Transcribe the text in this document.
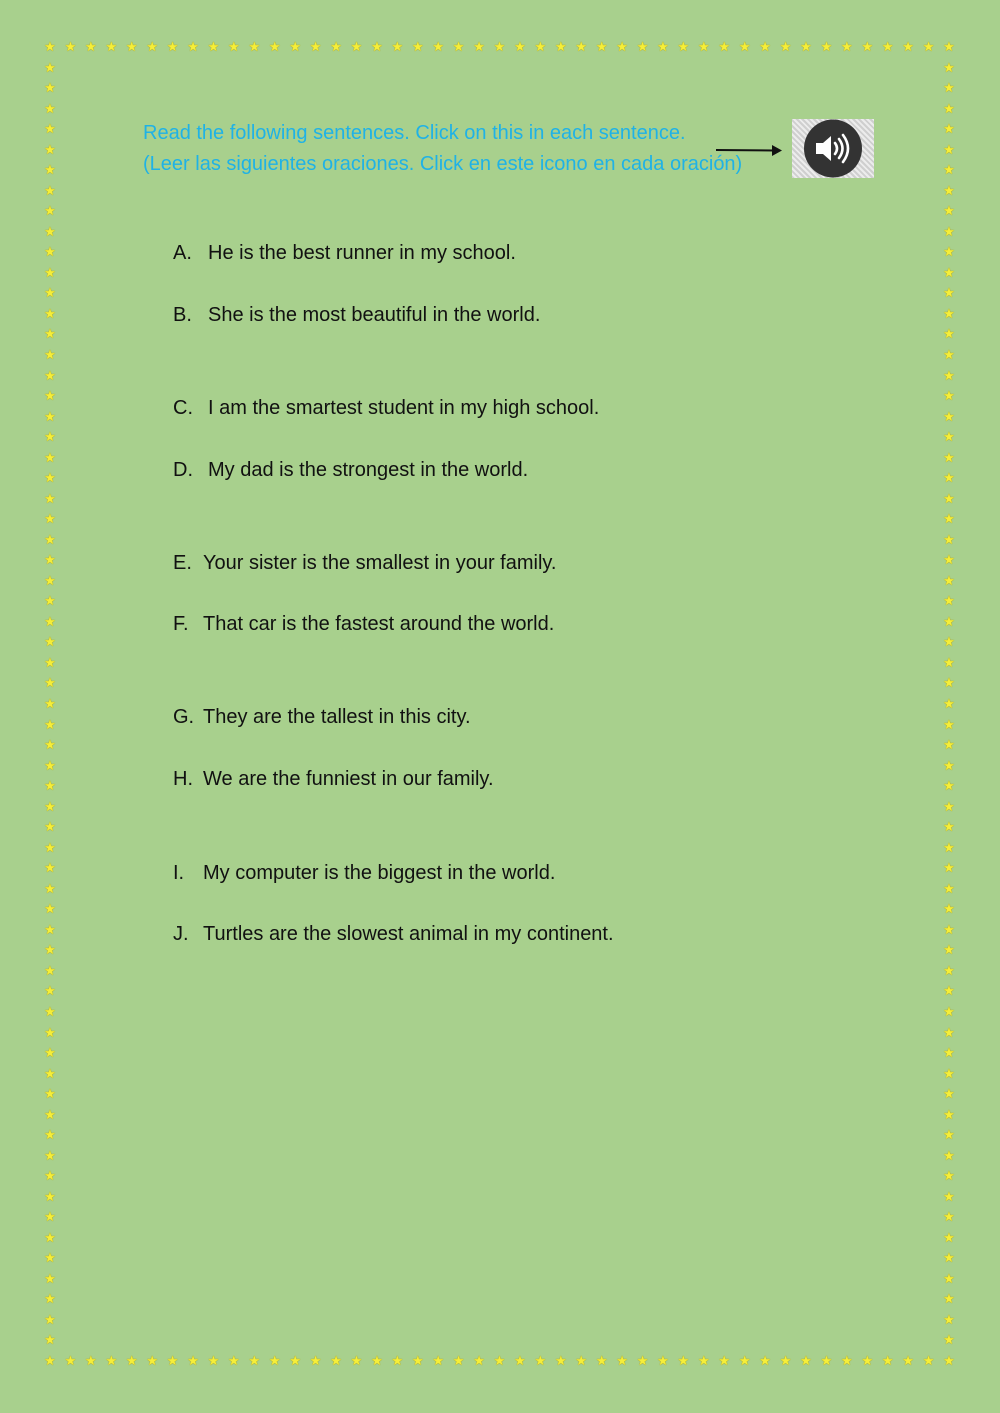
★
★
★
★
★
★
★
★
★
★
★
★
★
★
★
★
★
★
★
★
★
★
★
★
★
★
★
★
★
★
★
★
★
★
★
★
★
★
★
★
★
★
★
★
★
★
★
★
★
★
★
★
★
★
★
★
★
★
★
★
★
★
★
★
★
★
★
★
★
★
★
★
★
★
★
★
★
★
★
★
★
★
★
★
★
★
★
★
★
★
★	★
★	★
★	★
★	★
★	★
★	★
★	★
★	★
★	★
★	★
★	★
★	★
★	★
★	★
★	★
★	★
★	★
★	★
★	★
★	★
★	★
★	★
★	★
★	★
★	★
★	★
★	★
★	★
★	★
★	★
★	★
★	★
★	★
★	★
★	★
★	★
★	★
★	★
★	★
★	★
★	★
★	★
★	★
★	★
★	★
★	★
★	★
★	★
★	★
★	★
★	★
★	★
★	★
★	★
★	★
★	★
★	★
★	★
★	★
★	★
★	★
★	★
★	★
Read the following sentences. Click on this in each sentence.
(Leer las siguientes oraciones. Click en este icono en cada oración)
A. He is the best runner in my school.
B. She is the most beautiful in the world.
C. I am the smartest student in my high school.
D. My dad is the strongest in the world.
E. Your sister is the smallest in your family.
F. That car is the fastest around the world.
G. They are the tallest in this city.
H. We are the funniest in our family.
I. My computer is the biggest in the world.
J. Turtles are the slowest animal in my continent.
